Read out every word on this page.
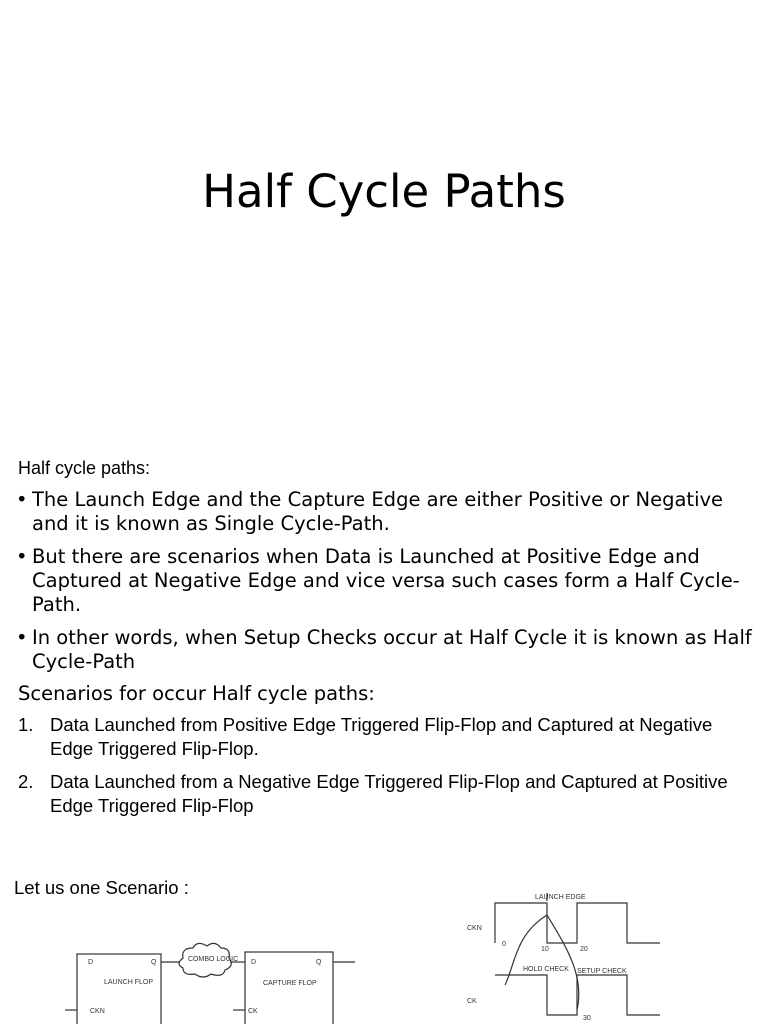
Half Cycle Paths
Half cycle paths:
• The Launch Edge and the Capture Edge are either Positive or Negative and it is known as Single Cycle-Path.
• But there are scenarios when Data is Launched at Positive Edge and Captured at Negative Edge and vice versa such cases form a Half Cycle-Path.
• In other words, when Setup Checks occur at Half Cycle it is known as Half Cycle-Path
Scenarios for occur Half cycle paths:
1. Data Launched from Positive Edge Triggered Flip-Flop and Captured at Negative Edge Triggered Flip-Flop.
2. Data Launched from a Negative Edge Triggered Flip-Flop and Captured at Positive Edge Triggered Flip-Flop
Let us one Scenario :
D	Q	D	Q
COMBO LOGIC
LAUNCH FLOP	CAPTURE FLOP
CKN	CK
LAUNCH EDGE
CKN
CK
0
10	20
30
HOLD CHECK SETUP CHECK
